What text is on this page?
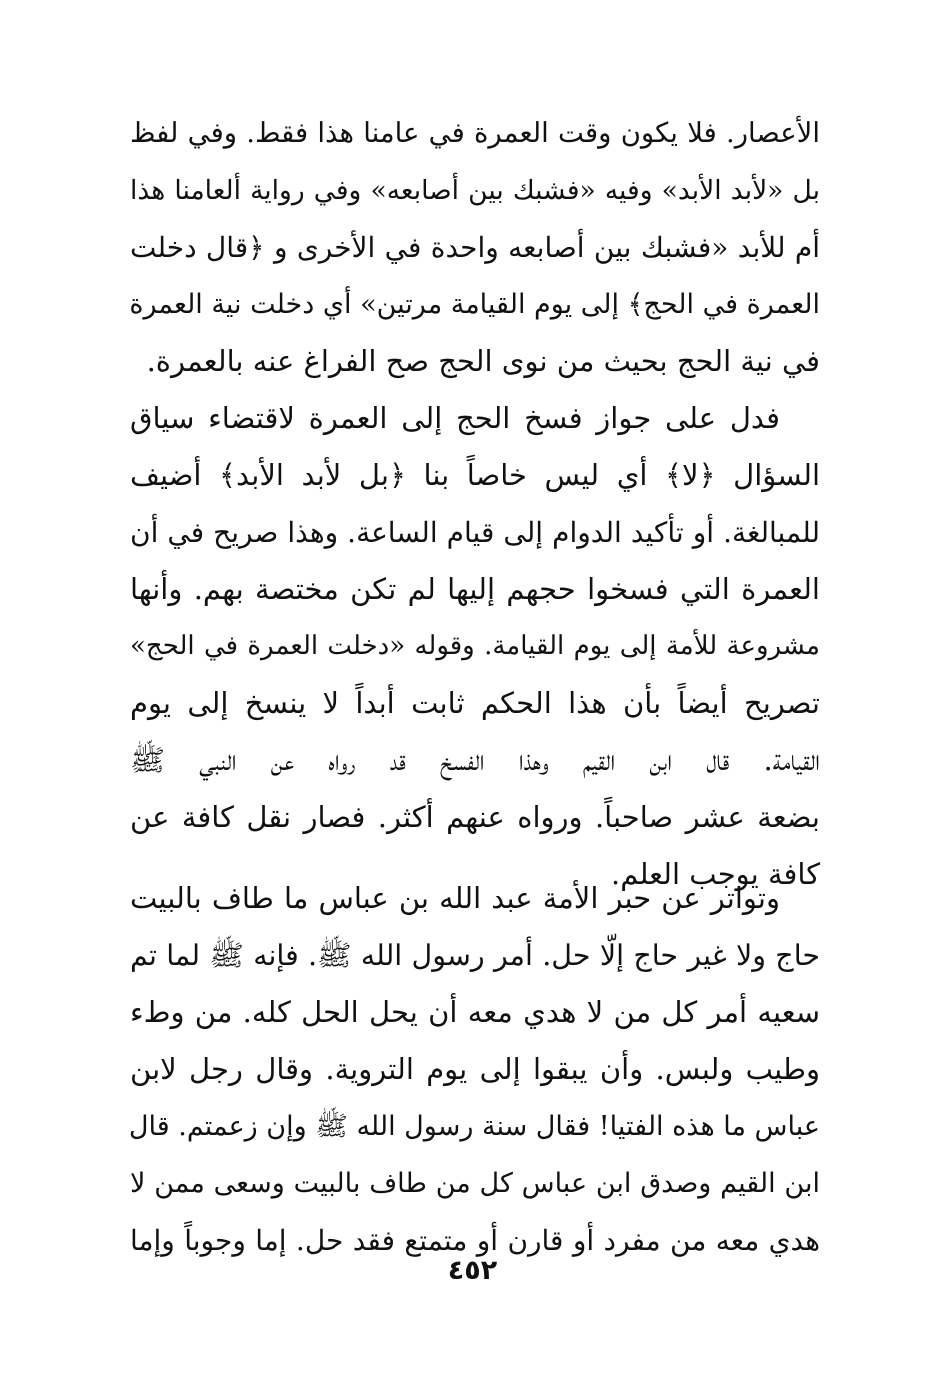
الأعصار. فلا يكون وقت العمرة في عامنا هذا فقط. وفي لفظ
بل «لأبد الأبد» وفيه «فشبك بين أصابعه» وفي رواية ألعامنا هذا
أم للأبد «فشبك بين أصابعه واحدة في الأخرى و ﴿قال دخلت
العمرة في الحج﴾ إلى يوم القيامة مرتين» أي دخلت نية العمرة
في نية الحج بحيث من نوى الحج صح الفراغ عنه بالعمرة.
فدل على جواز فسخ الحج إلى العمرة لاقتضاء سياق
السؤال ﴿لا﴾ أي ليس خاصاً بنا ﴿بل لأبد الأبد﴾ أضيف
للمبالغة. أو تأكيد الدوام إلى قيام الساعة. وهذا صريح في أن
العمرة التي فسخوا حجهم إليها لم تكن مختصة بهم. وأنها
مشروعة للأمة إلى يوم القيامة. وقوله «دخلت العمرة في الحج»
تصريح أيضاً بأن هذا الحكم ثابت أبداً لا ينسخ إلى يوم
القيامة. قال ابن القيم وهذا الفسخ قد رواه عن النبي ﷺ
بضعة عشر صاحباً. ورواه عنهم أكثر. فصار نقل كافة عن
كافة يوجب العلم.
وتواتر عن حبر الأمة عبد الله بن عباس ما طاف بالبيت
حاج ولا غير حاج إلّا حل. أمر رسول الله ﷺ. فإنه ﷺ لما تم
سعيه أمر كل من لا هدي معه أن يحل الحل كله. من وطء
وطيب ولبس. وأن يبقوا إلى يوم التروية. وقال رجل لابن
عباس ما هذه الفتيا! فقال سنة رسول الله ﷺ وإن زعمتم. قال
ابن القيم وصدق ابن عباس كل من طاف بالبيت وسعى ممن لا
هدي معه من مفرد أو قارن أو متمتع فقد حل. إما وجوباً وإما
٤٥٢
